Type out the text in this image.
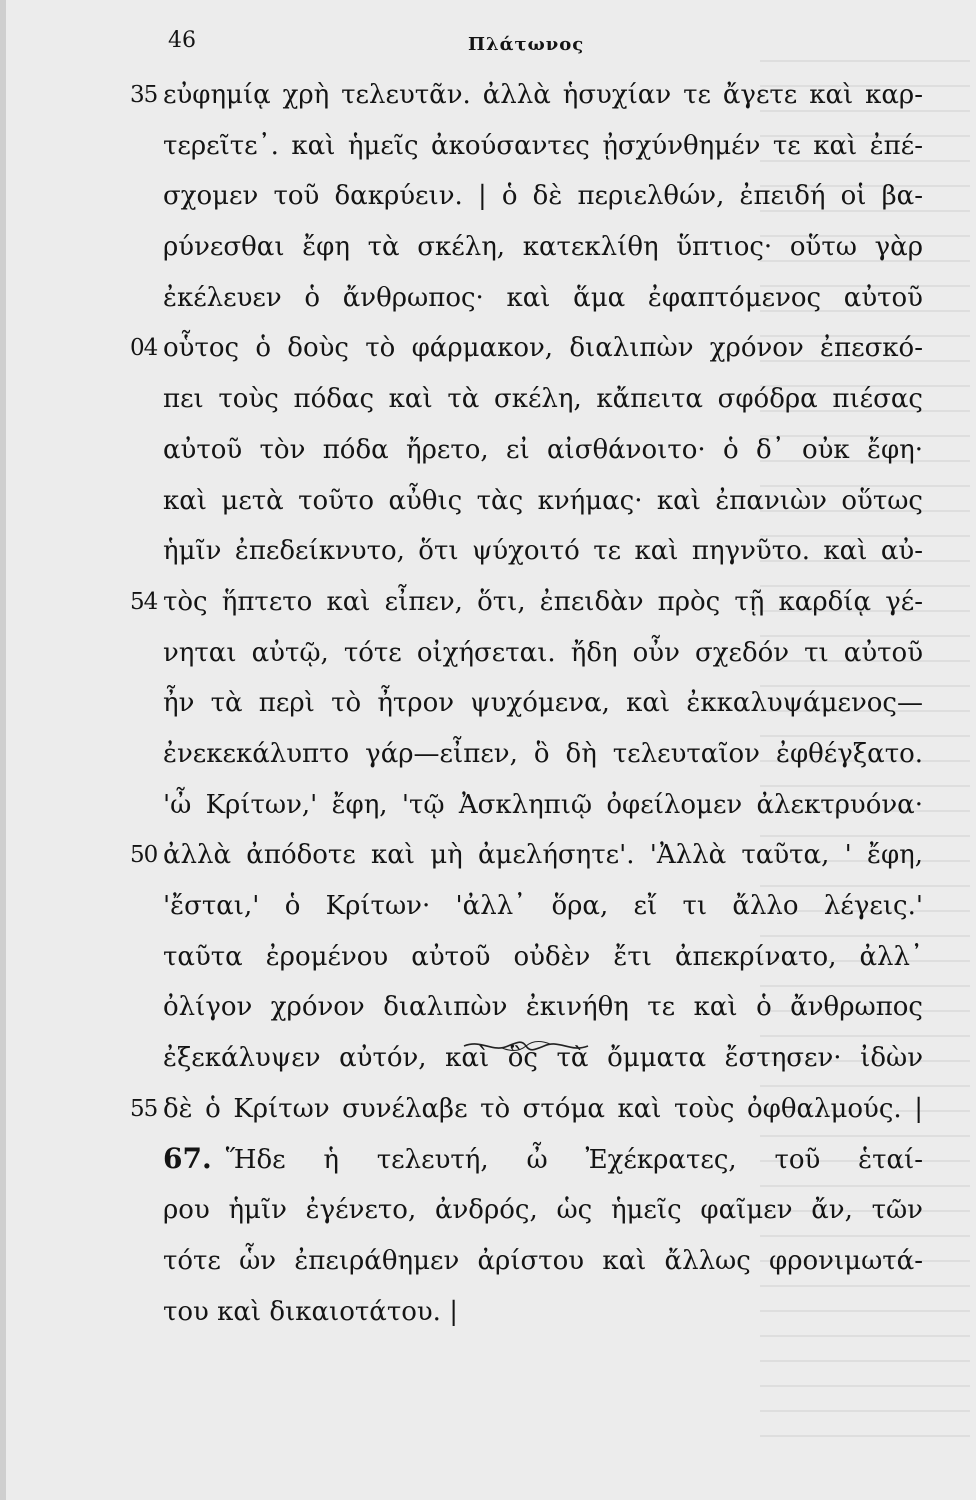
46	Πλάτωνος
35 εὐφημίᾳ χρὴ τελευτᾶν. ἀλλὰ ἡσυχίαν τε ἄγετε καὶ καρ-
τερεῖτε᾽. καὶ ἡμεῖς ἀκούσαντες ᾐσχύνθημέν τε καὶ ἐπέ-
σχομεν τοῦ δακρύειν. | ὁ δὲ περιελθών, ἐπειδή οἱ βα-
ρύνεσθαι ἔφη τὰ σκέλη, κατεκλίθη ὕπτιος· οὕτω γὰρ
ἐκέλευεν ὁ ἄνθρωπος· καὶ ἅμα ἐφαπτόμενος αὐτοῦ
04 οὗτος ὁ δοὺς τὸ φάρμακον, διαλιπὼν χρόνον ἐπεσκό-
πει τοὺς πόδας καὶ τὰ σκέλη, κἄπειτα σφόδρα πιέσας
αὐτοῦ τὸν πόδα ἤρετο, εἰ αἰσθάνοιτο· ὁ δ᾽ οὐκ ἔφη·
καὶ μετὰ τοῦτο αὖθις τὰς κνήμας· καὶ ἐπανιὼν οὕτως
ἡμῖν ἐπεδείκνυτο, ὅτι ψύχοιτό τε καὶ πηγνῦτο. καὶ αὐ-
54 τὸς ἥπτετο καὶ εἶπεν, ὅτι, ἐπειδὰν πρὸς τῇ καρδίᾳ γέ-
νηται αὐτῷ, τότε οἰχήσεται. ἤδη οὖν σχεδόν τι αὐτοῦ
ἦν τὰ περὶ τὸ ἦτρον ψυχόμενα, καὶ ἐκκαλυψάμενος—
ἐνεκεκάλυπτο γάρ—εἶπεν, ὃ δὴ τελευταῖον ἐφθέγξατο.
'ὦ Κρίτων,' ἔφη, 'τῷ Ἀσκληπιῷ ὀφείλομεν ἀλεκτρυόνα·
50 ἀλλὰ ἀπόδοτε καὶ μὴ ἀμελήσητε'. 'Ἀλλὰ ταῦτα, ' ἔφη,
'ἔσται,' ὁ Κρίτων· 'ἀλλ᾽ ὅρα, εἴ τι ἄλλο λέγεις.'
ταῦτα ἐρομένου αὐτοῦ οὐδὲν ἔτι ἀπεκρίνατο, ἀλλ᾽
ὀλίγον χρόνον διαλιπὼν ἐκινήθη τε καὶ ὁ ἄνθρωπος
ἐξεκάλυψεν αὐτόν, καὶ ὃς τὰ ὄμματα ἔστησεν· ἰδὼν
55 δὲ ὁ Κρίτων συνέλαβε τὸ στόμα καὶ τοὺς ὀφθαλμούς. |
67. Ἥδε ἡ τελευτή, ὦ Ἐχέκρατες, τοῦ ἑταί-
ρου ἡμῖν ἐγένετο, ἀνδρός, ὡς ἡμεῖς φαῖμεν ἄν, τῶν
τότε ὧν ἐπειράθημεν ἀρίστου καὶ ἄλλως φρονιμωτά-
του καὶ δικαιοτάτου. |
